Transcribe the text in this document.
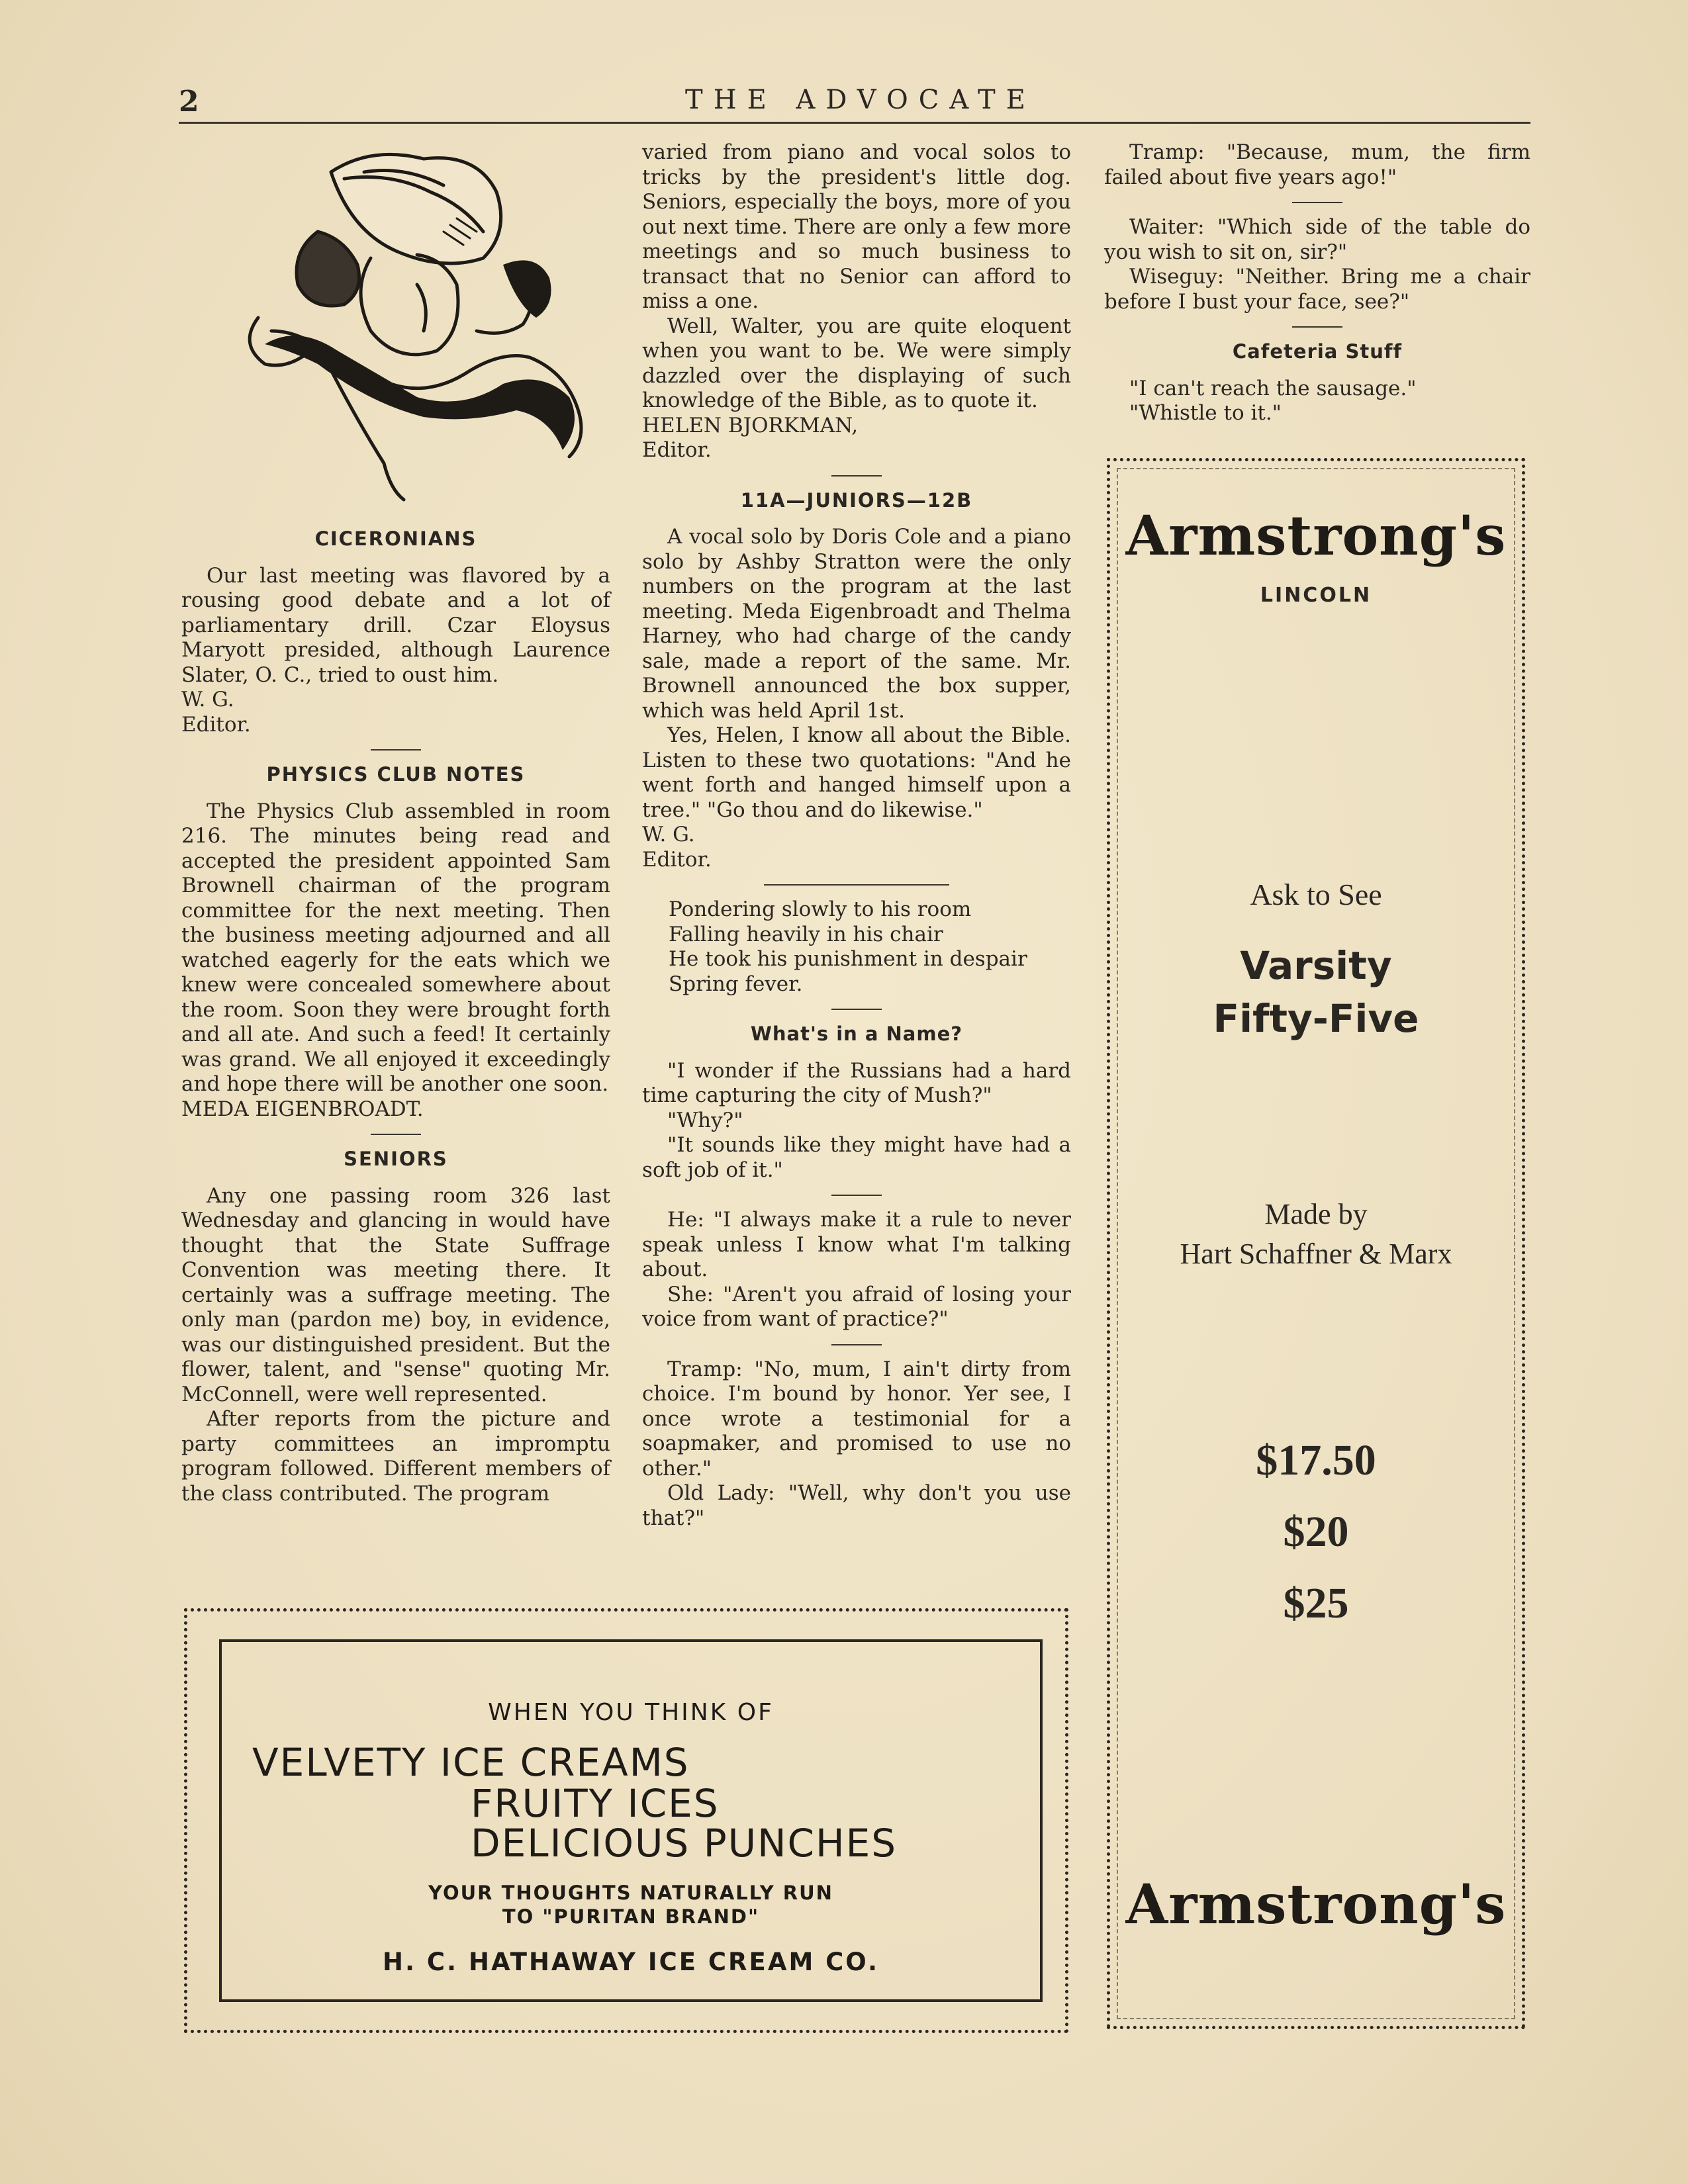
2	THE ADVOCATE
CICERONIANS

Our last meeting was flavored by a rousing good debate and a lot of parliamentary drill. Czar Eloysus Maryott presided, although Laurence Slater, O. C., tried to oust him.

W. G.

Editor.

PHYSICS CLUB NOTES

The Physics Club assembled in room 216. The minutes being read and accepted the president appointed Sam Brownell chairman of the program committee for the next meeting. Then the business meeting adjourned and all watched eagerly for the eats which we knew were concealed somewhere about the room. Soon they were brought forth and all ate. And such a feed! It certainly was grand. We all enjoyed it exceedingly and hope there will be another one soon.

MEDA EIGENBROADT.

SENIORS

Any one passing room 326 last Wednesday and glancing in would have thought that the State Suffrage Convention was meeting there. It certainly was a suffrage meeting. The only man (pardon me) boy, in evidence, was our distinguished president. But the flower, talent, and "sense" quoting Mr. McConnell, were well represented.

After reports from the picture and party committees an impromptu program followed. Different members of the class contributed. The program

varied from piano and vocal solos to tricks by the president's little dog. Seniors, especially the boys, more of you out next time. There are only a few more meetings and so much business to transact that no Senior can afford to miss a one.

Well, Walter, you are quite eloquent when you want to be. We were simply dazzled over the displaying of such knowledge of the Bible, as to quote it.

HELEN BJORKMAN,

Editor.

11A—JUNIORS—12B

A vocal solo by Doris Cole and a piano solo by Ashby Stratton were the only numbers on the program at the last meeting. Meda Eigenbroadt and Thelma Harney, who had charge of the candy sale, made a report of the same. Mr. Brownell announced the box supper, which was held April 1st.

Yes, Helen, I know all about the Bible. Listen to these two quotations: "And he went forth and hanged himself upon a tree." "Go thou and do likewise."

W. G.

Editor.

Pondering slowly to his room

Falling heavily in his chair

He took his punishment in despair

Spring fever.

What's in a Name?

"I wonder if the Russians had a hard time capturing the city of Mush?"

"Why?"

"It sounds like they might have had a soft job of it."

He: "I always make it a rule to never speak unless I know what I'm talking about.

She: "Aren't you afraid of losing your voice from want of practice?"

Tramp: "No, mum, I ain't dirty from choice. I'm bound by honor. Yer see, I once wrote a testimonial for a soapmaker, and promised to use no other."

Old Lady: "Well, why don't you use that?"

Tramp: "Because, mum, the firm failed about five years ago!"

Waiter: "Which side of the table do you wish to sit on, sir?"

Wiseguy: "Neither. Bring me a chair before I bust your face, see?"

Cafeteria Stuff

"I can't reach the sausage."

"Whistle to it."

Armstrong's
LINCOLN
Ask to See
Varsity
Fifty-Five
Made by
Hart Schaffner & Marx
$17.50
$20
$25
Armstrong's
WHEN YOU THINK OF
VELVETY ICE CREAMS
FRUITY ICES
DELICIOUS PUNCHES
YOUR THOUGHTS NATURALLY RUN
TO "PURITAN BRAND"
H. C. HATHAWAY ICE CREAM CO.
